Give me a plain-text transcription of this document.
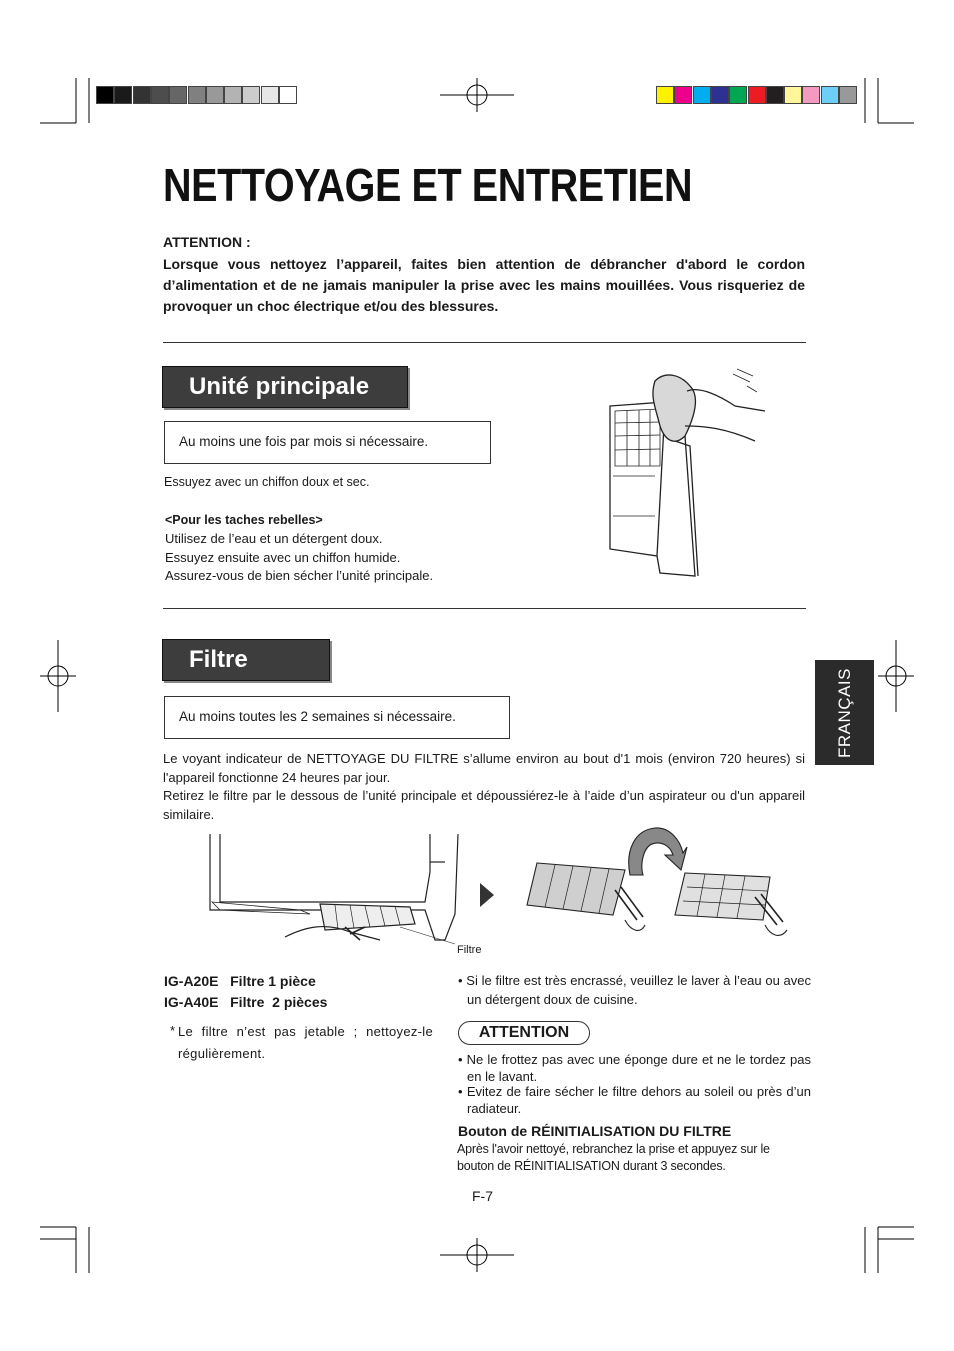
NETTOYAGE ET ENTRETIEN
ATTENTION :
Lorsque vous nettoyez l’appareil, faites bien attention de débrancher d'abord le cordon d’alimentation et de ne jamais manipuler la prise avec les mains mouillées. Vous risqueriez de provoquer un choc électrique et/ou des blessures.
Unité principale
Au moins une fois par mois si nécessaire.
Essuyez avec un chiffon doux et sec.
<Pour les taches rebelles>
Utilisez de l’eau et un détergent doux.
Essuyez ensuite avec un chiffon humide.
Assurez-vous de bien sécher l’unité principale.
Filtre
Au moins toutes les 2 semaines si nécessaire.
Le voyant indicateur de NETTOYAGE DU FILTRE s’allume environ au bout d'1 mois (environ 720 heures) si l'appareil fonctionne 24 heures par jour.
Retirez le filtre par le dessous de l’unité principale et dépoussiérez-le à l’aide d’un aspirateur ou d'un appareil similaire.
Filtre
IG-A20E   Filtre 1 pièce
IG-A40E   Filtre  2 pièces
* Le filtre n’est pas jetable ; nettoyez-le régulièrement.
• Si le filtre est très encrassé, veuillez le laver à l’eau ou avec un détergent doux de cuisine.
ATTENTION
• Ne le frottez pas avec une éponge dure et ne le tordez pas en le lavant.
• Evitez de faire sécher le filtre dehors au soleil ou près d’un radiateur.
Bouton de RÉINITIALISATION DU FILTRE
Après l'avoir nettoyé, rebranchez la prise et appuyez sur le bouton de RÉINITIALISATION durant 3 secondes.
F-7
FRANÇAIS
